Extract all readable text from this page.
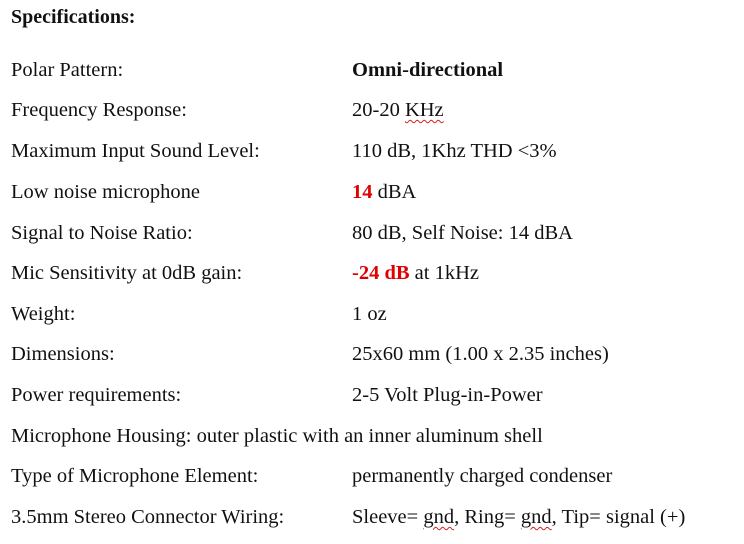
Specifications:
Polar Pattern:	Omni-directional
Frequency Response:	20-20 KHz
Maximum Input Sound Level:	110 dB, 1Khz THD <3%
Low noise microphone	14 dBA
Signal to Noise Ratio:	80 dB, Self Noise: 14 dBA
Mic Sensitivity at 0dB gain:	-24 dB at 1kHz
Weight:	1 oz
Dimensions:	25x60 mm (1.00 x 2.35 inches)
Power requirements:	2-5 Volt Plug-in-Power
Microphone Housing: outer plastic with an inner aluminum shell
Type of Microphone Element:	permanently charged condenser
3.5mm Stereo Connector Wiring:	Sleeve= gnd, Ring= gnd, Tip= signal (+)
